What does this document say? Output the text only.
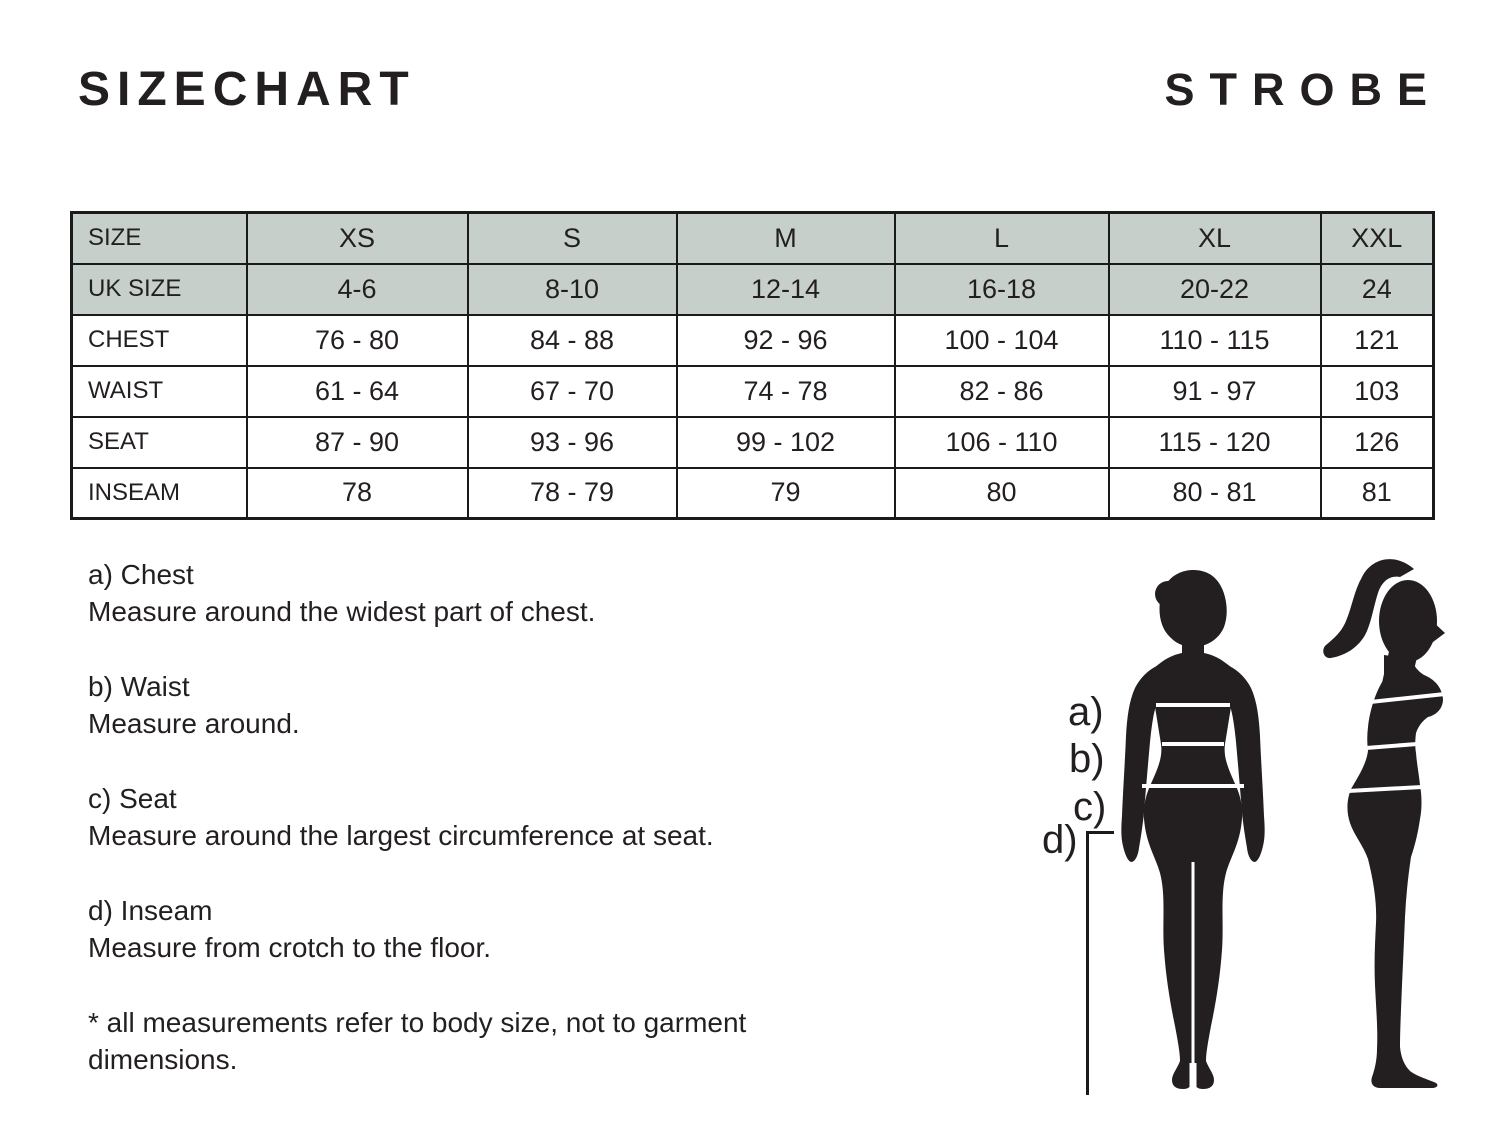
SIZECHART	STROBE
SIZE	XS	S	M	L	XL	XXL
UK SIZE	4-6	8-10	12-14	16-18	20-22	24
CHEST	76 - 80	84 - 88	92 - 96	100 - 104	110 - 115	121
WAIST	61 - 64	67 - 70	74 - 78	82 - 86	91 - 97	103
SEAT	87 - 90	93 - 96	99 - 102	106 - 110	115 - 120	126
INSEAM	78	78 - 79	79	80	80 - 81	81
a) Chest
Measure around the widest part of chest.
b) Waist
Measure around.
c) Seat
Measure around the largest circumference at seat.
d) Inseam
Measure from crotch to the floor.
* all measurements refer to body size, not to garment dimensions.
a)
b)
c)
d)
